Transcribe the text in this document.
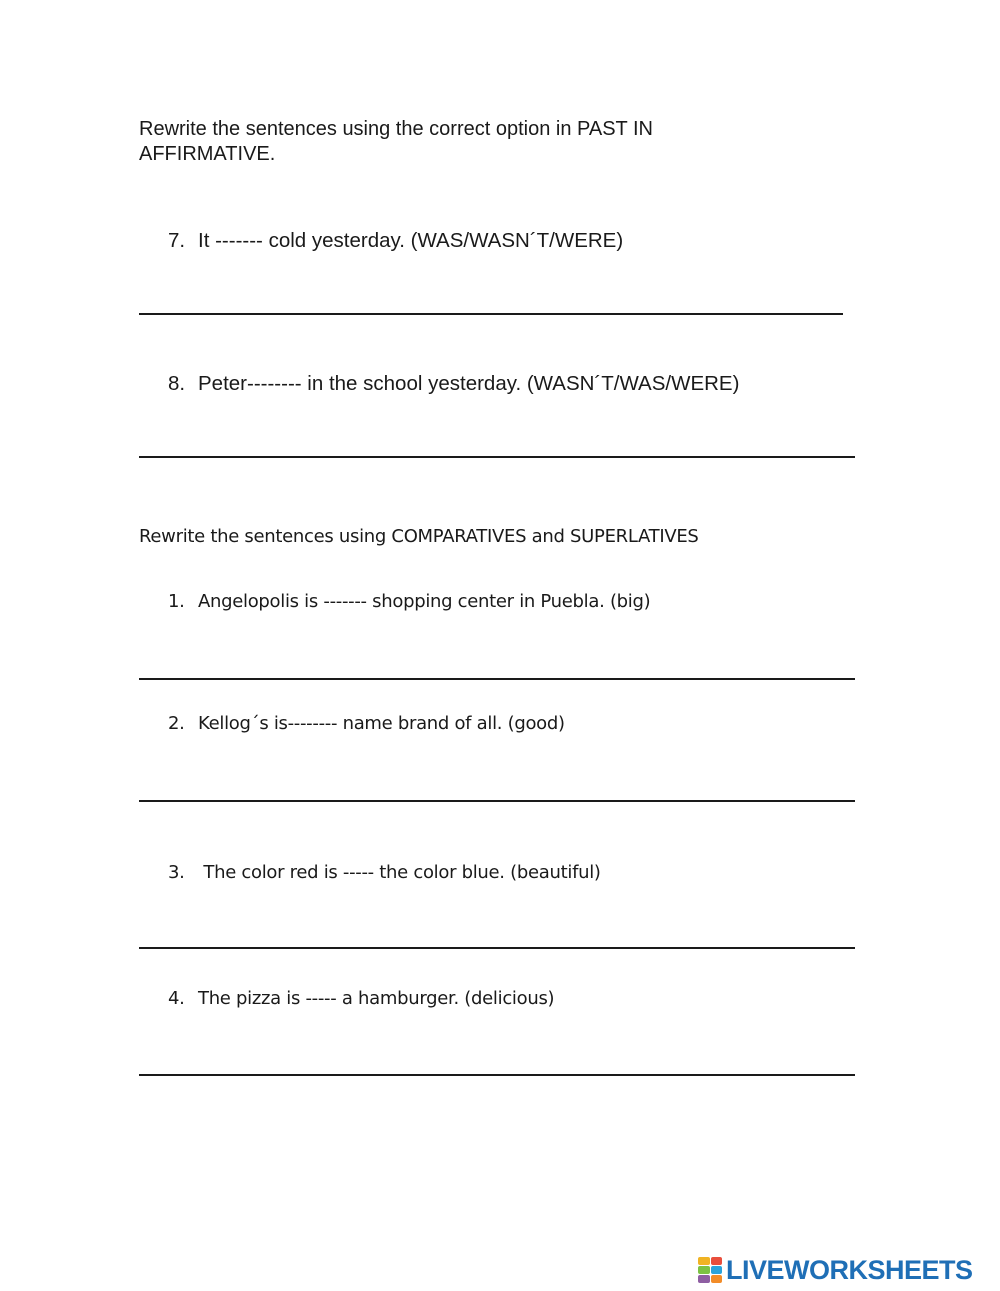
Rewrite the sentences using the correct option in PAST IN AFFIRMATIVE.
7. It ------- cold yesterday. (WAS/WASN´T/WERE)
8. Peter-------- in the school yesterday. (WASN´T/WAS/WERE)
Rewrite the sentences using COMPARATIVES and SUPERLATIVES
1. Angelopolis is ------- shopping center in Puebla. (big)
2. Kellog´s is-------- name brand of all. (good)
3. The color red is ----- the color blue. (beautiful)
4. The pizza is ----- a hamburger. (delicious)
LIVEWORKSHEETS
